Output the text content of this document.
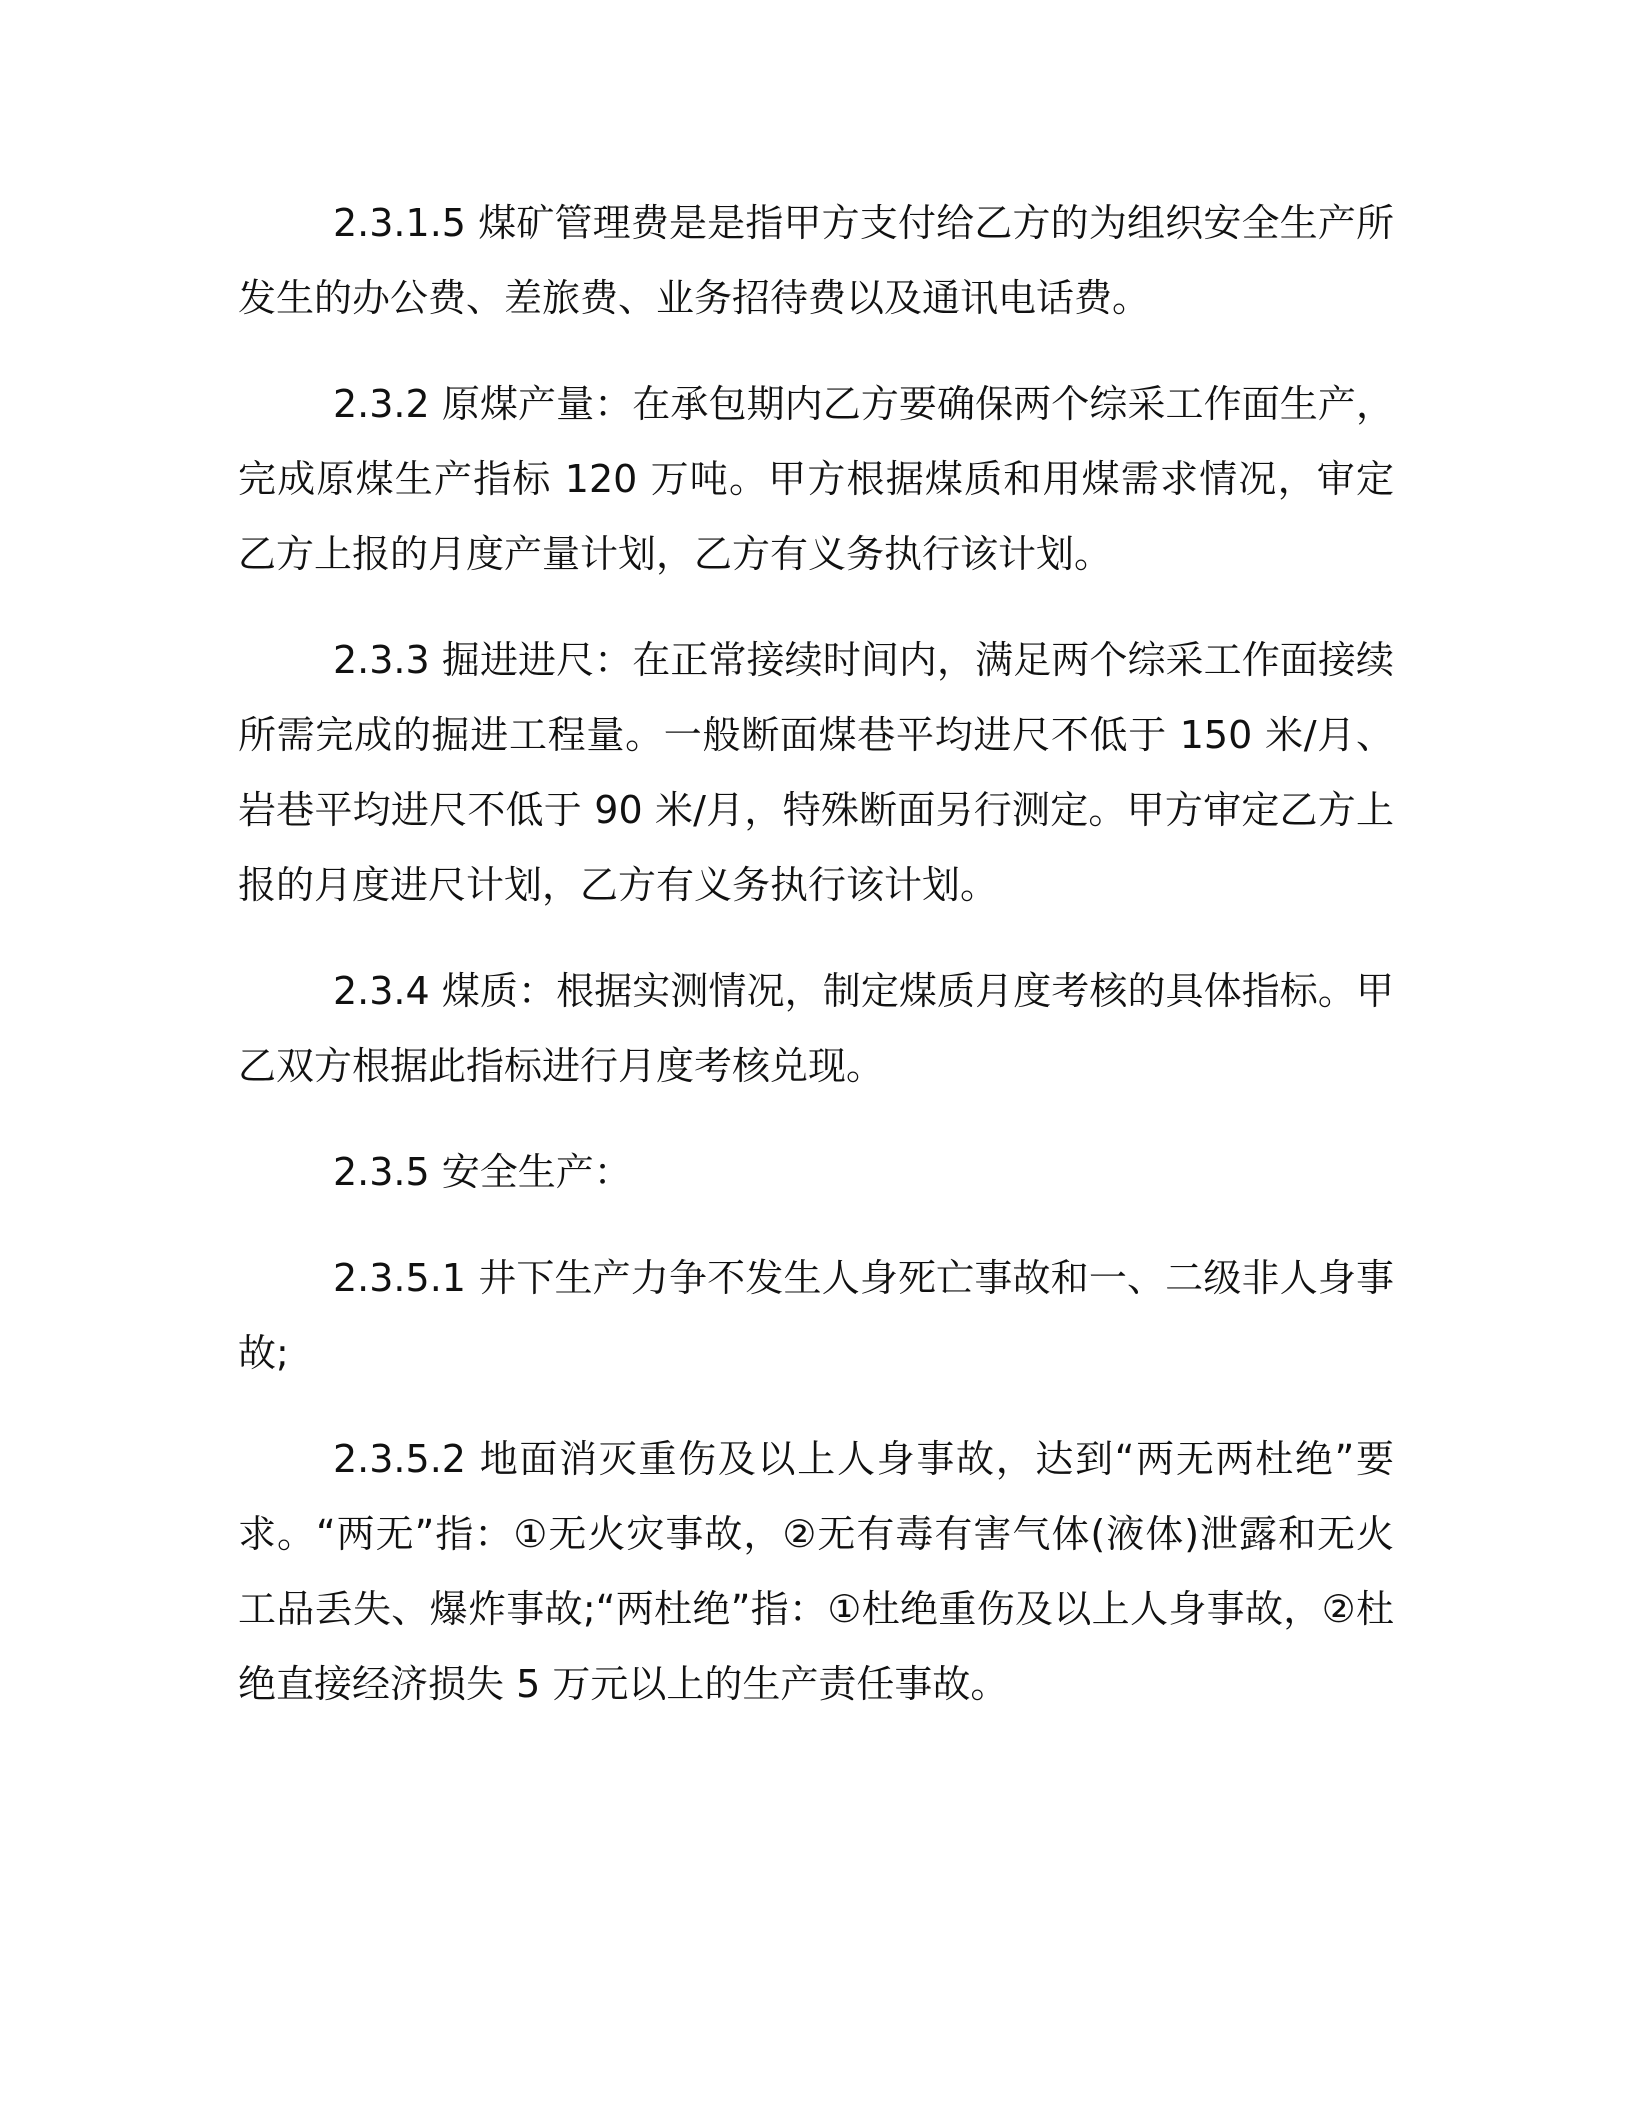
2.3.1.5 煤矿管理费是是指甲方支付给乙方的为组织安全生产所发生的办公费、差旅费、业务招待费以及通讯电话费。

2.3.2 原煤产量：在承包期内乙方要确保两个综采工作面生产，完成原煤生产指标 120 万吨。甲方根据煤质和用煤需求情况，审定乙方上报的月度产量计划，乙方有义务执行该计划。

2.3.3 掘进进尺：在正常接续时间内，满足两个综采工作面接续所需完成的掘进工程量。一般断面煤巷平均进尺不低于 150 米/月、岩巷平均进尺不低于 90 米/月，特殊断面另行测定。甲方审定乙方上报的月度进尺计划，乙方有义务执行该计划。

2.3.4 煤质：根据实测情况，制定煤质月度考核的具体指标。甲乙双方根据此指标进行月度考核兑现。

2.3.5 安全生产：

2.3.5.1 井下生产力争不发生人身死亡事故和一、二级非人身事故;

2.3.5.2 地面消灭重伤及以上人身事故，达到“两无两杜绝”要求。“两无”指：①无火灾事故，②无有毒有害气体(液体)泄露和无火工品丢失、爆炸事故;“两杜绝”指：①杜绝重伤及以上人身事故，②杜绝直接经济损失 5 万元以上的生产责任事故。
